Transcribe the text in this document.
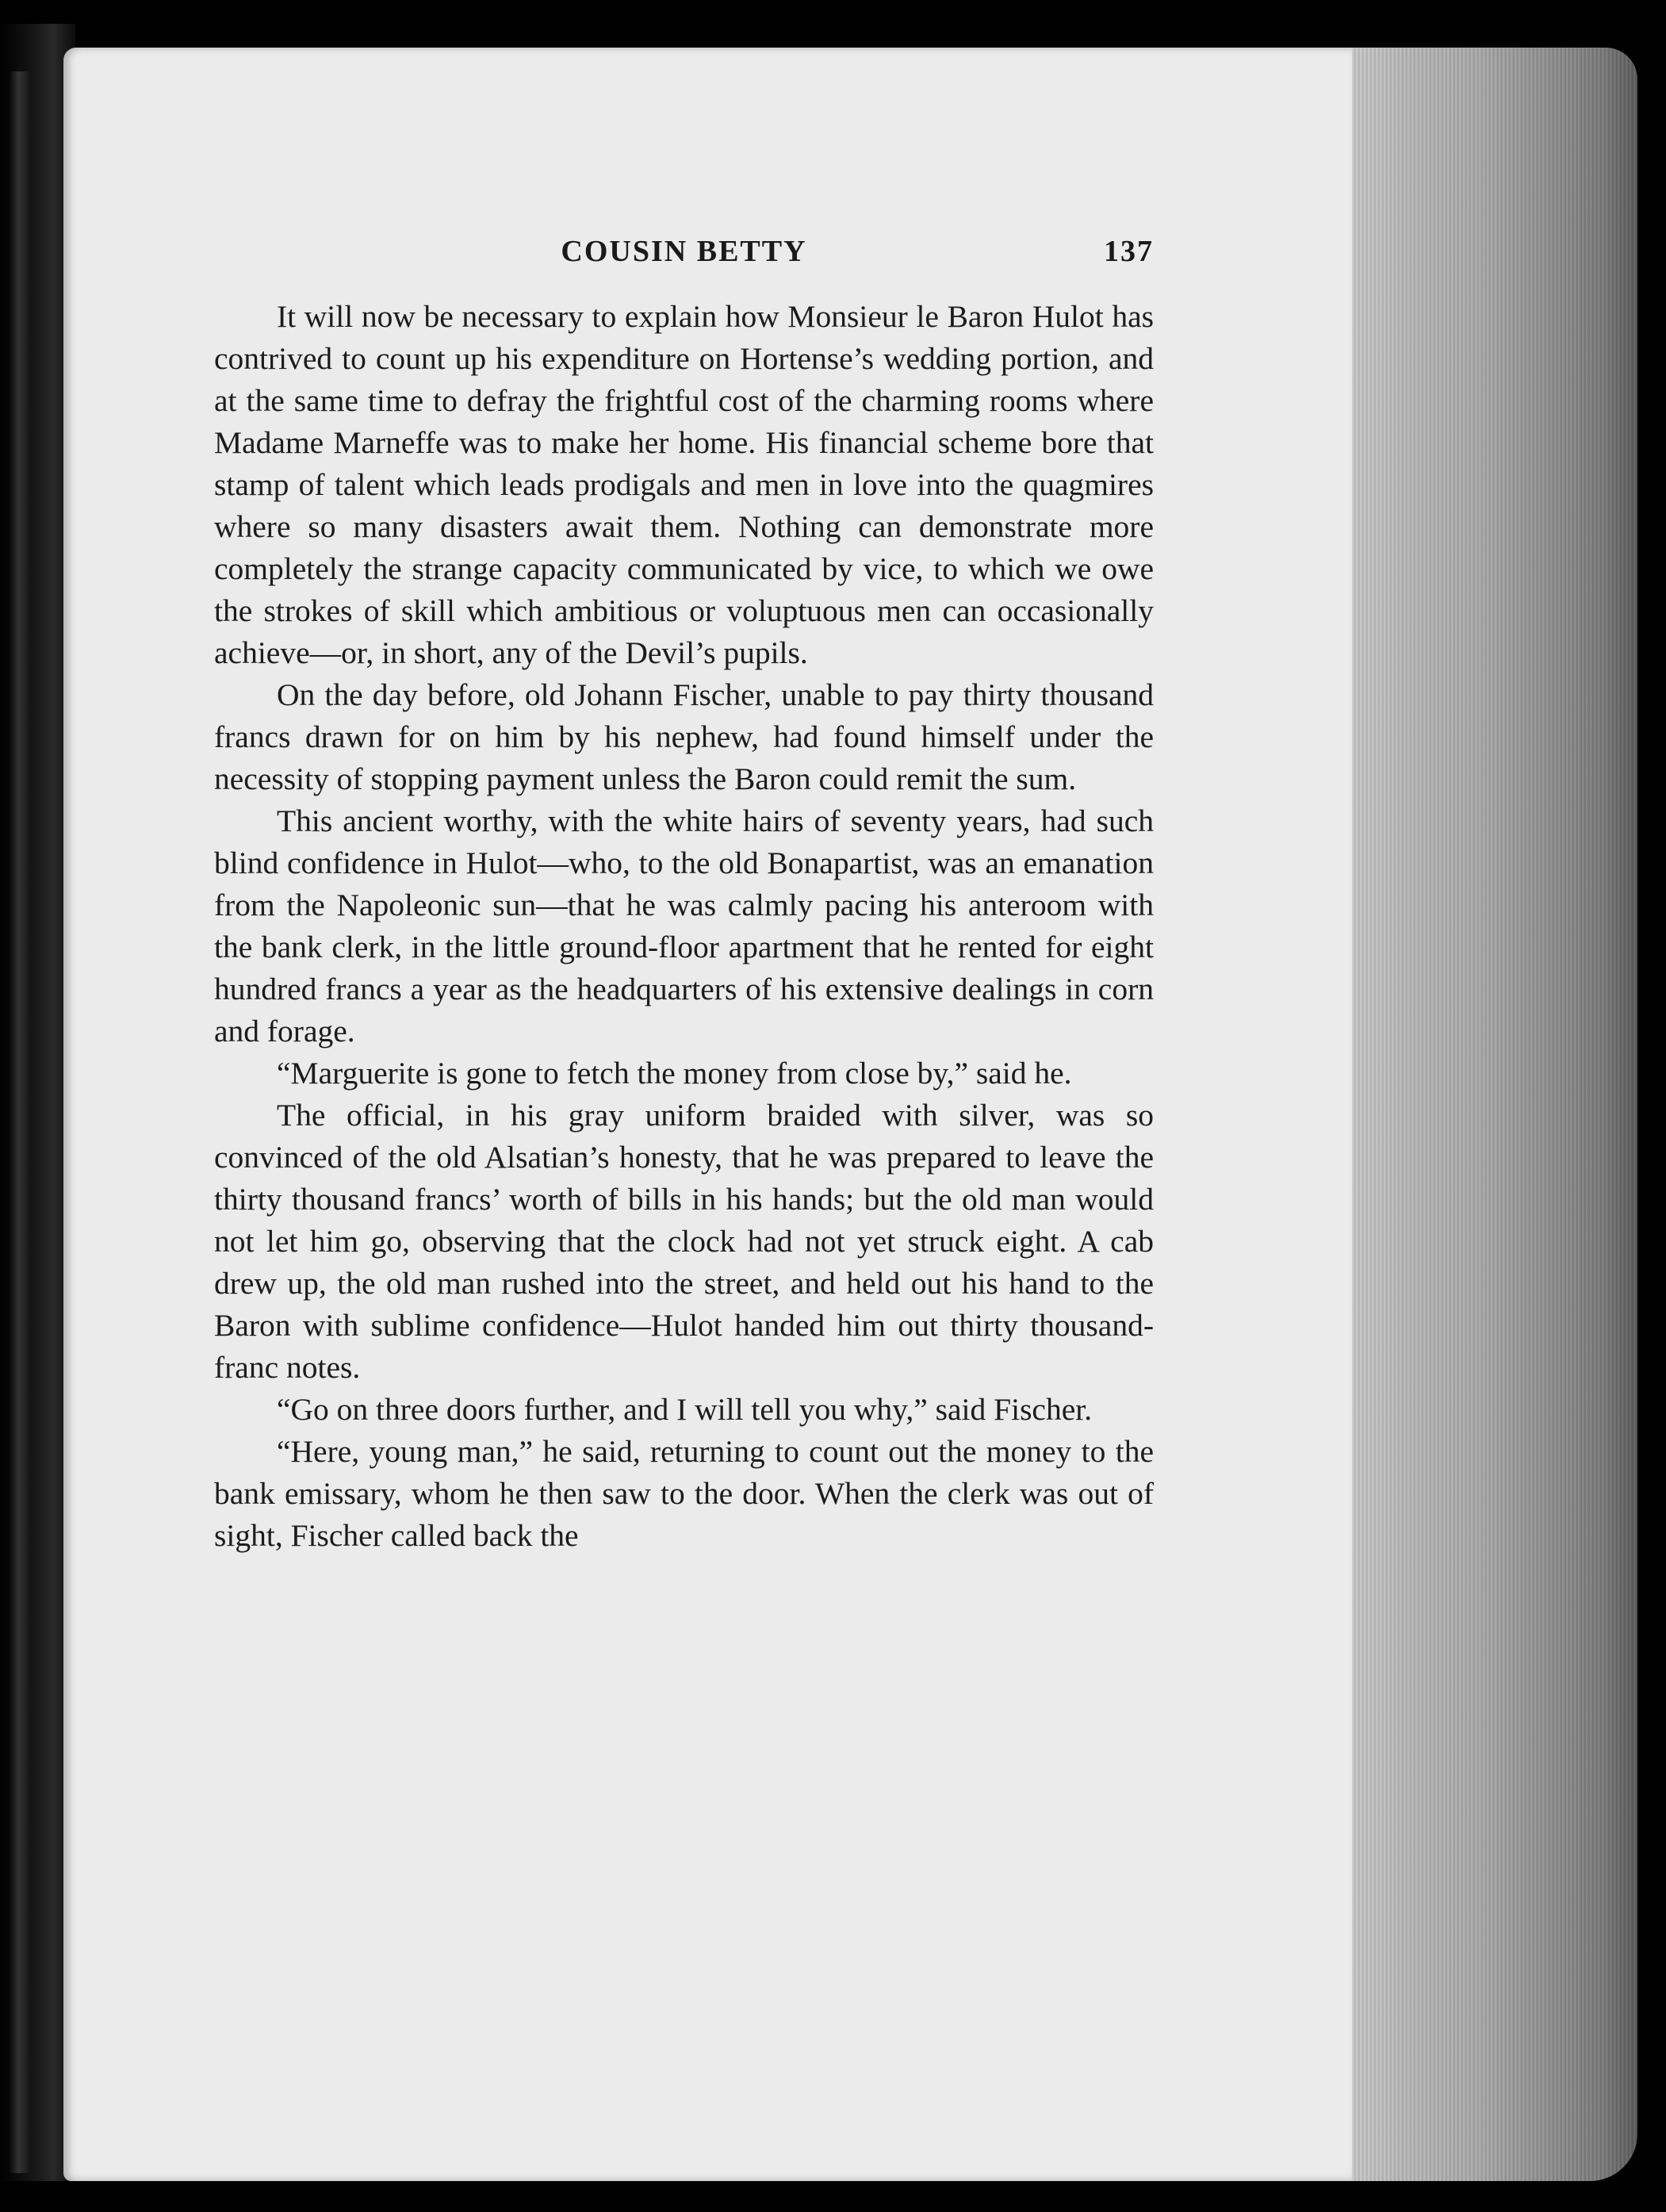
COUSIN BETTY	137

It will now be necessary to explain how Monsieur le Baron Hulot has contrived to count up his expenditure on Hortense’s wedding portion, and at the same time to defray the frightful cost of the charming rooms where Madame Marneffe was to make her home. His financial scheme bore that stamp of talent which leads prodigals and men in love into the quagmires where so many disasters await them. Nothing can demonstrate more completely the strange capacity communicated by vice, to which we owe the strokes of skill which ambitious or voluptuous men can occasionally achieve—or, in short, any of the Devil’s pupils.

On the day before, old Johann Fischer, unable to pay thirty thousand francs drawn for on him by his nephew, had found himself under the necessity of stopping payment unless the Baron could remit the sum.

This ancient worthy, with the white hairs of seventy years, had such blind confidence in Hulot—who, to the old Bonapartist, was an emanation from the Napoleonic sun—that he was calmly pacing his anteroom with the bank clerk, in the little ground-floor apartment that he rented for eight hundred francs a year as the headquarters of his extensive dealings in corn and forage.

“Marguerite is gone to fetch the money from close by,” said he.

The official, in his gray uniform braided with silver, was so convinced of the old Alsatian’s honesty, that he was prepared to leave the thirty thousand francs’ worth of bills in his hands; but the old man would not let him go, observing that the clock had not yet struck eight. A cab drew up, the old man rushed into the street, and held out his hand to the Baron with sublime confidence—Hulot handed him out thirty thousand-franc notes.

“Go on three doors further, and I will tell you why,” said Fischer.

“Here, young man,” he said, returning to count out the money to the bank emissary, whom he then saw to the door. When the clerk was out of sight, Fischer called back the
